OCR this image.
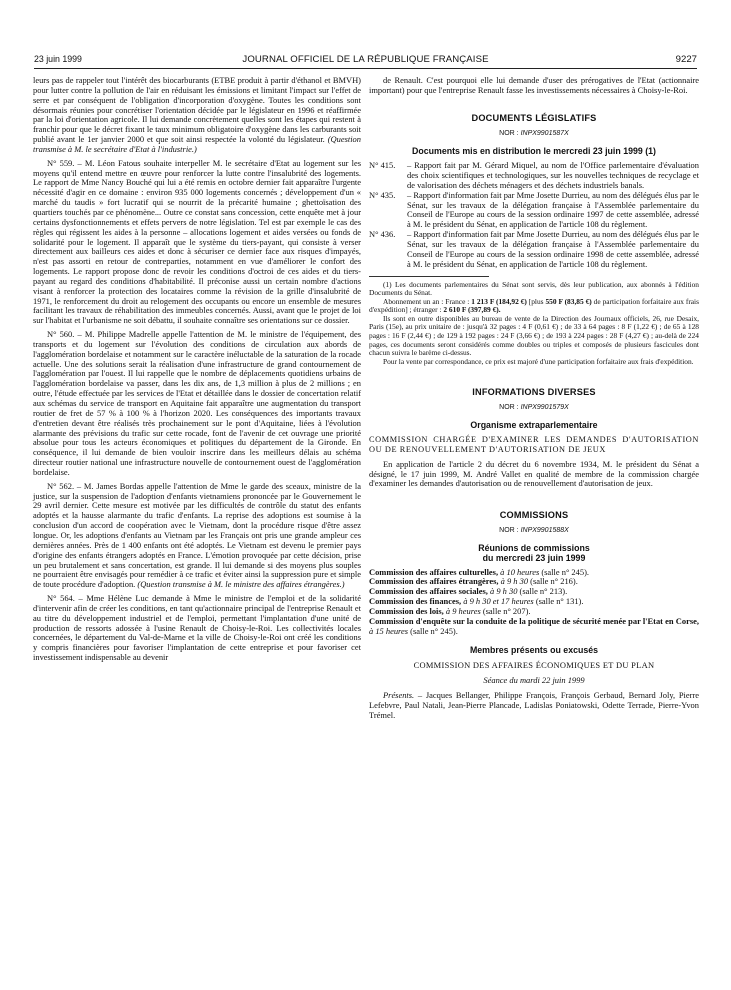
23 juin 1999	JOURNAL OFFICIEL DE LA RÉPUBLIQUE FRANÇAISE	9227

leurs pas de rappeler tout l'intérêt des biocarburants (ETBE produit à partir d'éthanol et BMVH) pour lutter contre la pollution de l'air en réduisant les émissions et limitant l'impact sur l'effet de serre et par conséquent de l'obligation d'incorporation d'oxygène. Toutes les conditions sont désormais réunies pour concrétiser l'orientation décidée par le législateur en 1996 et réaffirmée par la loi d'orientation agricole. Il lui demande concrètement quelles sont les étapes qui restent à franchir pour que le décret fixant le taux minimum obligatoire d'oxygène dans les carburants soit publié avant le 1er janvier 2000 et que soit ainsi respectée la volonté du législateur. (Question transmise à M. le secrétaire d'Etat à l'industrie.)

N° 559. – M. Léon Fatous souhaite interpeller M. le secrétaire d'Etat au logement sur les moyens qu'il entend mettre en œuvre pour renforcer la lutte contre l'insalubrité des logements. Le rapport de Mme Nancy Bouché qui lui a été remis en octobre dernier fait apparaître l'urgente nécessité d'agir en ce domaine : environ 935 000 logements concernés ; développement d'un « marché du taudis » fort lucratif qui se nourrit de la précarité humaine ; ghettoïsation des quartiers touchés par ce phénomène... Outre ce constat sans concession, cette enquête met à jour certains dysfonctionnements et effets pervers de notre législation. Tel est par exemple le cas des règles qui régissent les aides à la personne – allocations logement et aides versées ou fonds de solidarité pour le logement. Il apparaît que le système du tiers-payant, qui consiste à verser directement aux bailleurs ces aides et donc à sécuriser ce dernier face aux risques d'impayés, n'est pas assorti en retour de contreparties, notamment en vue d'améliorer le confort des logements. Le rapport propose donc de revoir les conditions d'octroi de ces aides et du tiers-payant au regard des conditions d'habitabilité. Il préconise aussi un certain nombre d'actions visant à renforcer la protection des locataires comme la révision de la grille d'insalubrité de 1971, le renforcement du droit au relogement des occupants ou encore un ensemble de mesures facilitant les travaux de réhabilitation des immeubles concernés. Aussi, avant que le projet de loi sur l'habitat et l'urbanisme ne soit débattu, il souhaite connaître ses orientations sur ce dossier.

N° 560. – M. Philippe Madrelle appelle l'attention de M. le ministre de l'équipement, des transports et du logement sur l'évolution des conditions de circulation aux abords de l'agglomération bordelaise et notamment sur le caractère inéluctable de la saturation de la rocade actuelle. Une des solutions serait la réalisation d'une infrastructure de grand contournement de l'agglomération par l'ouest. Il lui rappelle que le nombre de déplacements quotidiens urbains de l'agglomération bordelaise va passer, dans les dix ans, de 1,3 million à plus de 2 millions ; en outre, l'étude effectuée par les services de l'Etat et détaillée dans le dossier de concertation relatif aux schémas du service de transport en Aquitaine fait apparaître une augmentation du transport routier de fret de 57 % à 100 % à l'horizon 2020. Les conséquences des importants travaux d'entretien devant être réalisés très prochainement sur le pont d'Aquitaine, liées à l'évolution alarmante des prévisions du trafic sur cette rocade, font de l'avenir de cet ouvrage une priorité absolue pour tous les acteurs économiques et politiques du département de la Gironde. En conséquence, il lui demande de bien vouloir inscrire dans les meilleurs délais au schéma directeur routier national une infrastructure nouvelle de contournement ouest de l'agglomération bordelaise.

N° 562. – M. James Bordas appelle l'attention de Mme le garde des sceaux, ministre de la justice, sur la suspension de l'adoption d'enfants vietnamiens prononcée par le Gouvernement le 29 avril dernier. Cette mesure est motivée par les difficultés de contrôle du statut des enfants adoptés et la hausse alarmante du trafic d'enfants. La reprise des adoptions est soumise à la conclusion d'un accord de coopération avec le Vietnam, dont la procédure risque d'être assez longue. Or, les adoptions d'enfants au Vietnam par les Français ont pris une grande ampleur ces dernières années. Près de 1 400 enfants ont été adoptés. Le Vietnam est devenu le premier pays d'origine des enfants étrangers adoptés en France. L'émotion provoquée par cette décision, prise un peu brutalement et sans concertation, est grande. Il lui demande si des moyens plus souples ne pourraient être envisagés pour remédier à ce trafic et éviter ainsi la suppression pure et simple de toute procédure d'adoption. (Question transmise à M. le ministre des affaires étrangères.)

N° 564. – Mme Hélène Luc demande à Mme le ministre de l'emploi et de la solidarité d'intervenir afin de créer les conditions, en tant qu'actionnaire principal de l'entreprise Renault et au titre du développement industriel et de l'emploi, permettant l'implantation d'une unité de production de ressorts adossée à l'usine Renault de Choisy-le-Roi. Les collectivités locales concernées, le département du Val-de-Marne et la ville de Choisy-le-Roi ont créé les conditions y compris financières pour favoriser l'implantation de cette entreprise et pour favoriser cet investissement indispensable au devenir

de Renault. C'est pourquoi elle lui demande d'user des prérogatives de l'Etat (actionnaire important) pour que l'entreprise Renault fasse les investissements nécessaires à Choisy-le-Roi.

DOCUMENTS LÉGISLATIFS
NOR : INPX9901587X
Documents mis en distribution le mercredi 23 juin 1999 (1)
N° 415.	– Rapport fait par M. Gérard Miquel, au nom de l'Office parlementaire d'évaluation des choix scientifiques et technologiques, sur les nouvelles techniques de recyclage et de valorisation des déchets ménagers et des déchets industriels banals.
N° 435.	– Rapport d'information fait par Mme Josette Durrieu, au nom des délégués élus par le Sénat, sur les travaux de la délégation française à l'Assemblée parlementaire du Conseil de l'Europe au cours de la session ordinaire 1997 de cette assemblée, adressé à M. le président du Sénat, en application de l'article 108 du règlement.
N° 436.	– Rapport d'information fait par Mme Josette Durrieu, au nom des délégués élus par le Sénat, sur les travaux de la délégation française à l'Assemblée parlementaire du Conseil de l'Europe au cours de la session ordinaire 1998 de cette assemblée, adressé à M. le président du Sénat, en application de l'article 108 du règlement.

(1) Les documents parlementaires du Sénat sont servis, dès leur publication, aux abonnés à l'édition Documents du Sénat.

Abonnement un an : France : 1 213 F (184,92 €) [plus 550 F (83,85 €) de participation forfaitaire aux frais d'expédition] ; étranger : 2 610 F (397,89 €).

Ils sont en outre disponibles au bureau de vente de la Direction des Journaux officiels, 26, rue Desaix, Paris (15e), au prix unitaire de : jusqu'à 32 pages : 4 F (0,61 €) ; de 33 à 64 pages : 8 F (1,22 €) ; de 65 à 128 pages : 16 F (2,44 €) ; de 129 à 192 pages : 24 F (3,66 €) ; de 193 à 224 pages : 28 F (4,27 €) ; au-delà de 224 pages, ces documents seront considérés comme doubles ou triples et composés de plusieurs fascicules dont chacun suivra le barème ci-dessus.

Pour la vente par correspondance, ce prix est majoré d'une participation forfaitaire aux frais d'expédition.

INFORMATIONS DIVERSES
NOR : INPX9901579X
Organisme extraparlementaire

COMMISSION CHARGÉE D'EXAMINER LES DEMANDES D'AUTORISATION OU DE RENOUVELLEMENT D'AUTORISATION DE JEUX

En application de l'article 2 du décret du 6 novembre 1934, M. le président du Sénat a désigné, le 17 juin 1999, M. André Vallet en qualité de membre de la commission chargée d'examiner les demandes d'autorisation ou de renouvellement d'autorisation de jeux.

COMMISSIONS
NOR : INPX9901588X
Réunions de commissions
du mercredi 23 juin 1999

Commission des affaires culturelles, à 10 heures (salle n° 245).

Commission des affaires étrangères, à 9 h 30 (salle n° 216).

Commission des affaires sociales, à 9 h 30 (salle n° 213).

Commission des finances, à 9 h 30 et 17 heures (salle n° 131).

Commission des lois, à 9 heures (salle n° 207).

Commission d'enquête sur la conduite de la politique de sécurité menée par l'Etat en Corse, à 15 heures (salle n° 245).

Membres présents ou excusés

COMMISSION DES AFFAIRES ÉCONOMIQUES ET DU PLAN

Séance du mardi 22 juin 1999

Présents. – Jacques Bellanger, Philippe François, François Gerbaud, Bernard Joly, Pierre Lefebvre, Paul Natali, Jean-Pierre Plancade, Ladislas Poniatowski, Odette Terrade, Pierre-Yvon Trémel.
